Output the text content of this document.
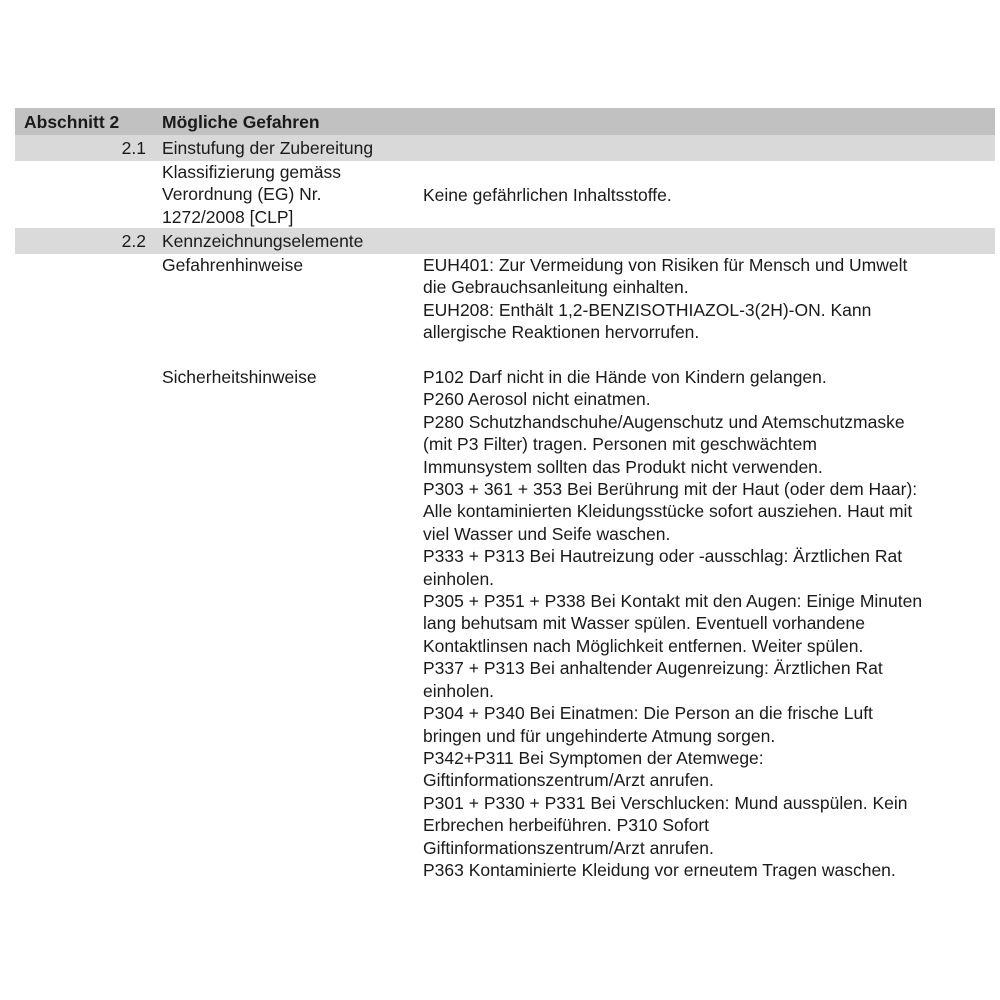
Abschnitt 2 Mögliche Gefahren
2.1 Einstufung der Zubereitung
Klassifizierung gemäss
Verordnung (EG) Nr.
1272/2008 [CLP]
Keine gefährlichen Inhaltsstoffe.
2.2 Kennzeichnungselemente
Gefahrenhinweise	EUH401: Zur Vermeidung von Risiken für Mensch und Umwelt
die Gebrauchsanleitung einhalten.
EUH208: Enthält 1,2-BENZISOTHIAZOL-3(2H)-ON. Kann
allergische Reaktionen hervorrufen.
Sicherheitshinweise	P102 Darf nicht in die Hände von Kindern gelangen.
P260 Aerosol nicht einatmen.
P280 Schutzhandschuhe/Augenschutz und Atemschutzmaske
(mit P3 Filter) tragen. Personen mit geschwächtem
Immunsystem sollten das Produkt nicht verwenden.
P303 + 361 + 353 Bei Berührung mit der Haut (oder dem Haar):
Alle kontaminierten Kleidungsstücke sofort ausziehen. Haut mit
viel Wasser und Seife waschen.
P333 + P313 Bei Hautreizung oder -ausschlag: Ärztlichen Rat
einholen.
P305 + P351 + P338 Bei Kontakt mit den Augen: Einige Minuten
lang behutsam mit Wasser spülen. Eventuell vorhandene
Kontaktlinsen nach Möglichkeit entfernen. Weiter spülen.
P337 + P313 Bei anhaltender Augenreizung: Ärztlichen Rat
einholen.
P304 + P340 Bei Einatmen: Die Person an die frische Luft
bringen und für ungehinderte Atmung sorgen.
P342+P311 Bei Symptomen der Atemwege:
Giftinformationszentrum/Arzt anrufen.
P301 + P330 + P331 Bei Verschlucken: Mund ausspülen. Kein
Erbrechen herbeiführen. P310 Sofort
Giftinformationszentrum/Arzt anrufen.
P363 Kontaminierte Kleidung vor erneutem Tragen waschen.
